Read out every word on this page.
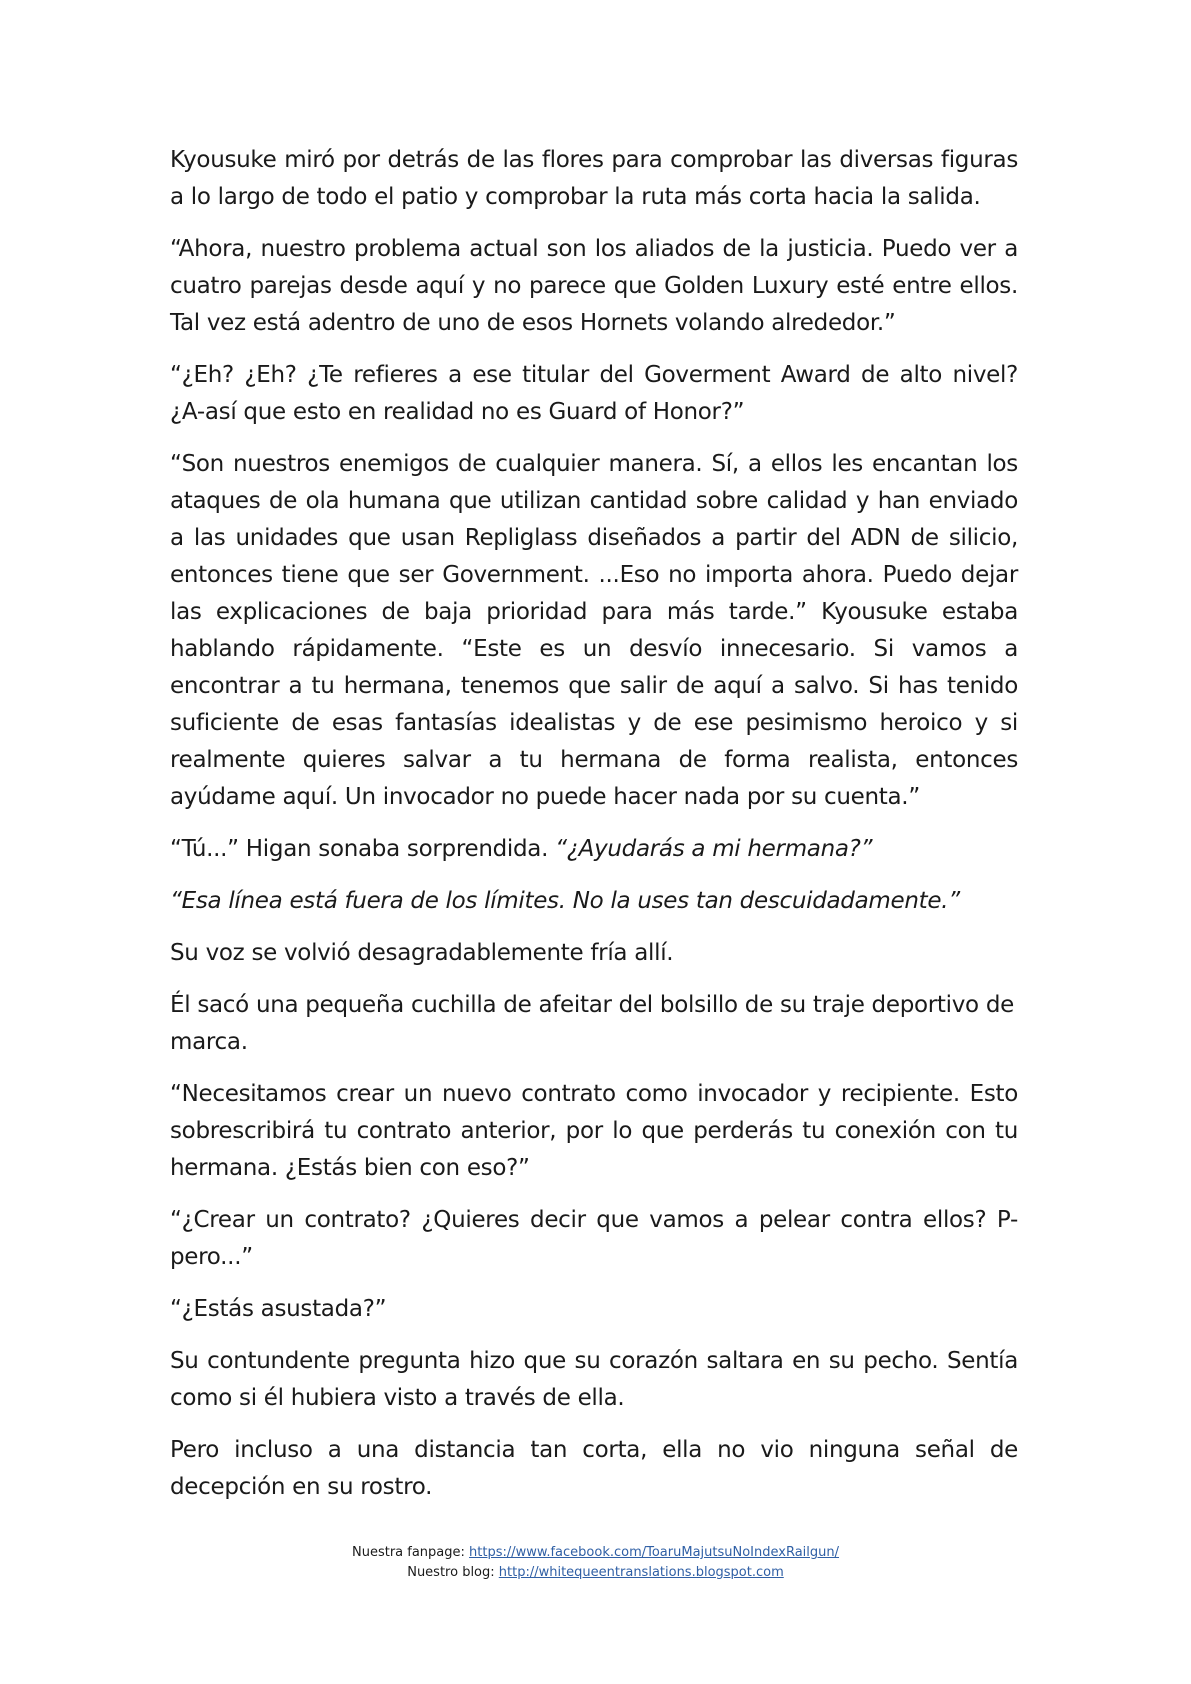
Kyousuke miró por detrás de las flores para comprobar las diversas figuras a lo largo de todo el patio y comprobar la ruta más corta hacia la salida.

“Ahora, nuestro problema actual son los aliados de la justicia. Puedo ver a cuatro parejas desde aquí y no parece que Golden Luxury esté entre ellos. Tal vez está adentro de uno de esos Hornets volando alrededor.”

“¿Eh? ¿Eh? ¿Te refieres a ese titular del Goverment Award de alto nivel? ¿A-así que esto en realidad no es Guard of Honor?”

“Son nuestros enemigos de cualquier manera. Sí, a ellos les encantan los ataques de ola humana que utilizan cantidad sobre calidad y han enviado a las unidades que usan Repliglass diseñados a partir del ADN de silicio, entonces tiene que ser Government. ...Eso no importa ahora. Puedo dejar las explicaciones de baja prioridad para más tarde.” Kyousuke estaba hablando rápidamente. “Este es un desvío innecesario. Si vamos a encontrar a tu hermana, tenemos que salir de aquí a salvo. Si has tenido suficiente de esas fantasías idealistas y de ese pesimismo heroico y si realmente quieres salvar a tu hermana de forma realista, entonces ayúdame aquí. Un invocador no puede hacer nada por su cuenta.”

“Tú...” Higan sonaba sorprendida. “¿Ayudarás a mi hermana?”

“Esa línea está fuera de los límites. No la uses tan descuidadamente.”

Su voz se volvió desagradablemente fría allí.

Él sacó una pequeña cuchilla de afeitar del bolsillo de su traje deportivo de marca.

“Necesitamos crear un nuevo contrato como invocador y recipiente. Esto sobrescribirá tu contrato anterior, por lo que perderás tu conexión con tu hermana. ¿Estás bien con eso?”

“¿Crear un contrato? ¿Quieres decir que vamos a pelear contra ellos? P-pero...”

“¿Estás asustada?”

Su contundente pregunta hizo que su corazón saltara en su pecho. Sentía como si él hubiera visto a través de ella.

Pero incluso a una distancia tan corta, ella no vio ninguna señal de decepción en su rostro.

Nuestra fanpage: https://www.facebook.com/ToaruMajutsuNoIndexRailgun/
Nuestro blog: http://whitequeentranslations.blogspot.com
